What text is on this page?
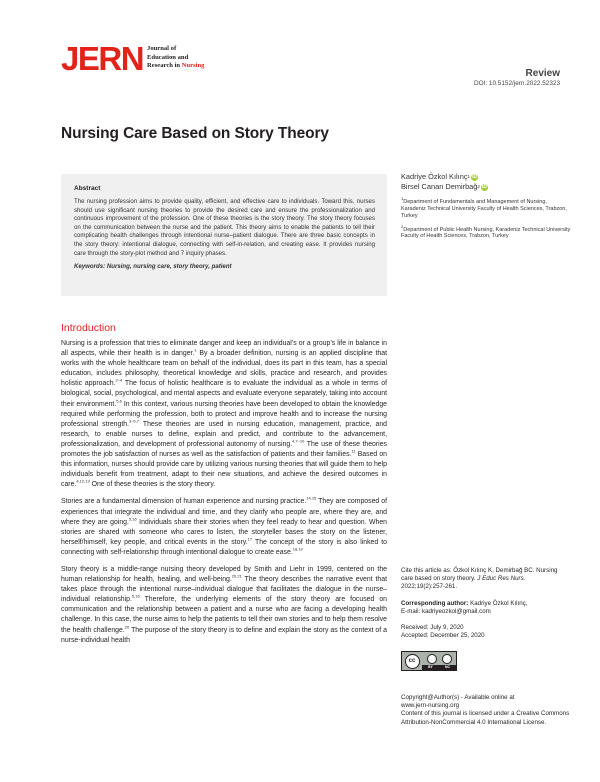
JERN Journal of
Education and
Research in Nursing
Review
DOI: 10.5152/jern.2022.52323
Nursing Care Based on Story Theory
Abstract
The nursing profession aims to provide quality, efficient, and effective care to individuals. Toward this, nurses should use significant nursing theories to provide the desired care and ensure the professionalization and continuous improvement of the profession. One of these theories is the story theory. The story theory focuses on the communication between the nurse and the patient. This theory aims to enable the patients to tell their complicating health challenges through intentional nurse–patient dialogue. There are three basic concepts in the story theory: intentional dialogue, connecting with self-in-relation, and creating ease. It provides nursing care through the story-plot method and 7 inquiry phases.
Keywords: Nursing, nursing care, story theory, patient
Kadriye Özkol Kılınç 1 iD
Birsel Canan Demirbağ 2 iD
$^1$Department of Fundamentals and Management of Nursing, Karadeniz Technical University Faculty of Health Sciences, Trabzon, Turkey
$^2$Department of Public Health Nursing, Karadeniz Technical University Faculty of Health Sciences, Trabzon, Turkey
Introduction

Nursing is a profession that tries to eliminate danger and keep an individual’s or a group’s life in balance in all aspects, while their health is in danger.$^1$ By a broader definition, nursing is an applied discipline that works with the whole healthcare team on behalf of the individual, does its part in this team, has a special education, includes philosophy, theoretical knowledge and skills, practice and research, and provides holistic approach.$^{2-4}$ The focus of holistic healthcare is to evaluate the individual as a whole in terms of biological, social, psychological, and mental aspects and evaluate everyone separately, taking into account their environment.$^{5,6}$ In this context, various nursing theories have been developed to obtain the knowledge required while performing the profession, both to protect and improve health and to increase the nursing professional strength.$^{3-5,7}$ These theories are used in nursing education, management, practice, and research, to enable nurses to define, explain and predict, and contribute to the advancement, professionalization, and development of professional autonomy of nursing.$^{4,7-10}$ The use of these theories promotes the job satisfaction of nurses as well as the satisfaction of patients and their families.$^{11}$ Based on this information, nurses should provide care by utilizing various nursing theories that will guide them to help individuals benefit from treatment, adapt to their new situations, and achieve the desired outcomes in care.$^{4,12,13}$ One of these theories is the story theory.

Stories are a fundamental dimension of human experience and nursing practice.$^{14,15}$ They are composed of experiences that integrate the individual and time, and they clarify who people are, where they are, and where they are going.$^{5,16}$ Individuals share their stories when they feel ready to hear and question. When stories are shared with someone who cares to listen, the storyteller bases the story on the listener, herself/himself, key people, and critical events in the story.$^{17}$ The concept of the story is also linked to connecting with self-relationship through intentional dialogue to create ease.$^{18,19}$

Story theory is a middle-range nursing theory developed by Smith and Liehr in 1999, centered on the human relationship for health, healing, and well-being.$^{20,21}$ The theory describes the narrative event that takes place through the intentional nurse–individual dialogue that facilitates the dialogue in the nurse–individual relationship.$^{5,16}$ Therefore, the underlying elements of the story theory are focused on communication and the relationship between a patient and a nurse who are facing a developing health challenge. In this case, the nurse aims to help the patients to tell their own stories and to help them resolve the health challenge.$^{20}$ The purpose of the story theory is to define and explain the story as the context of a nurse-individual health

Cite this article as: Özkol Kılınç K, Demirbağ BC. Nursing care based on story theory. J Educ Res Nurs. 2022;19(2):257-261.
Corresponding author: Kadriye Özkol Kılınç,
E-mail: kadriyeozkol@gmail.com
Received: July 9, 2020
Accepted: December 25, 2020
cc
BY	NC
Copyright@Author(s) - Available online at
www.jern-nursing.org
Content of this journal is licensed under a Creative Commons Attribution-NonCommercial 4.0 International License.
